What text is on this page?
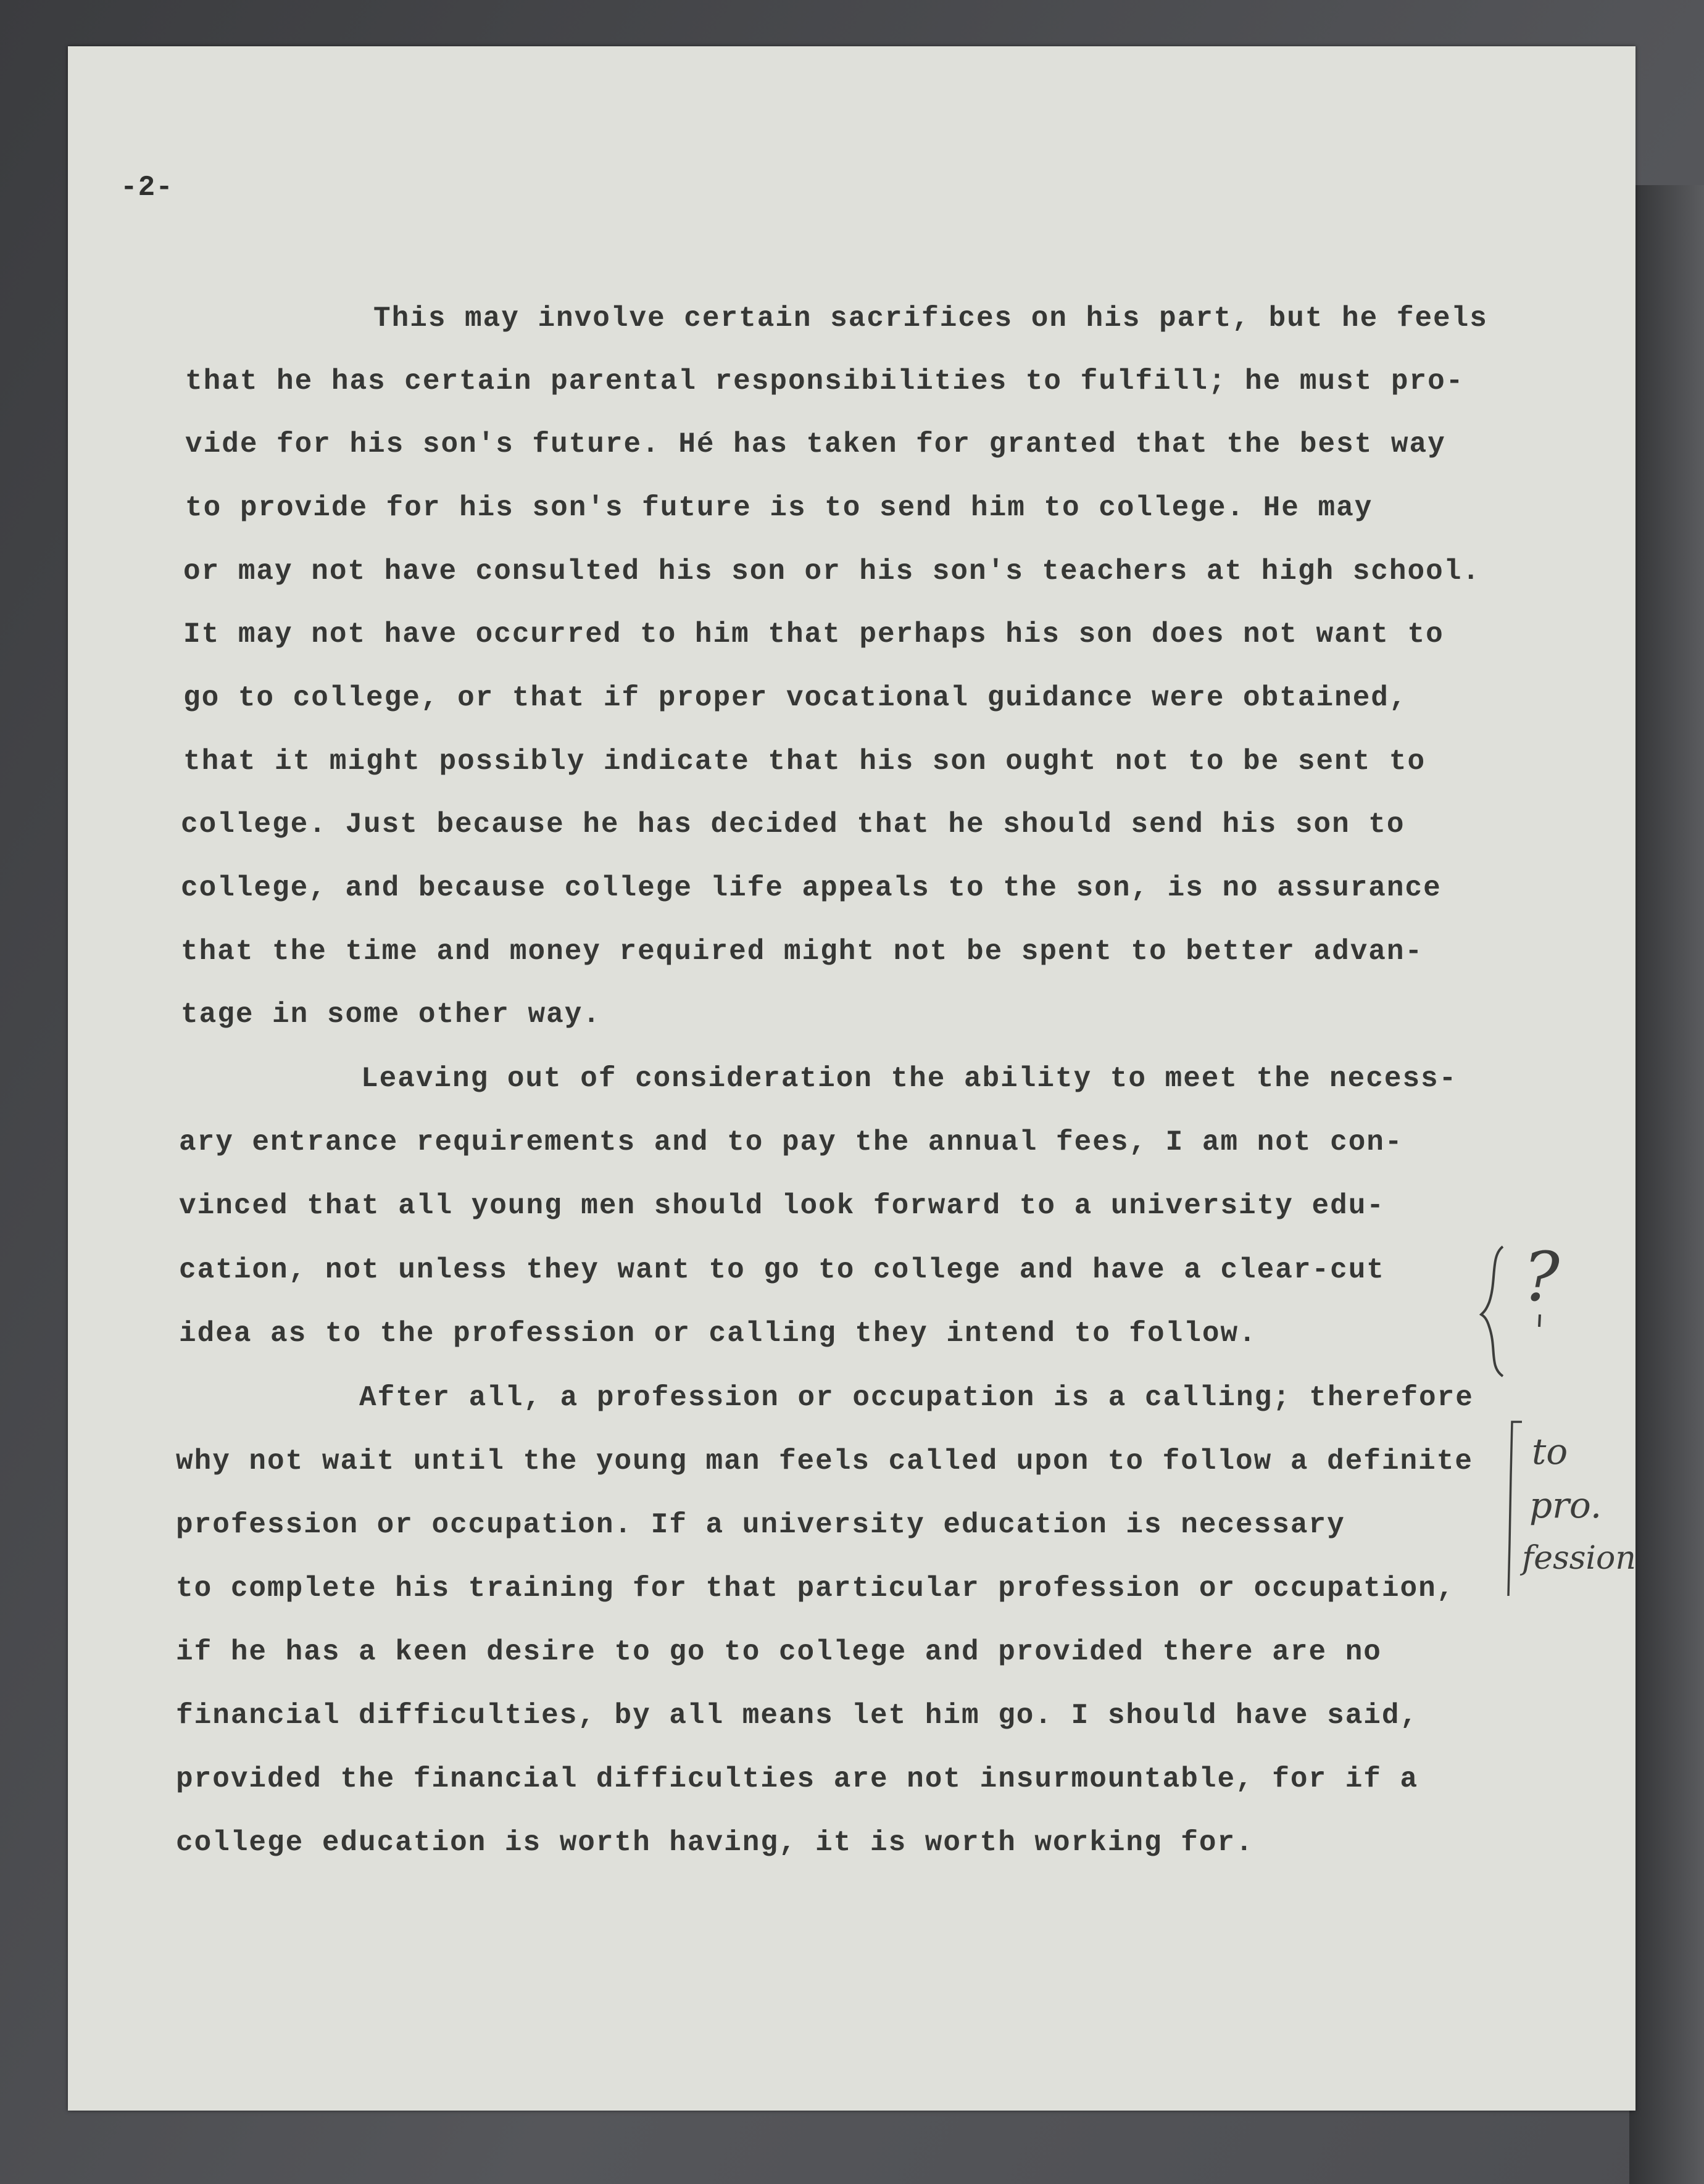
-2-
This may involve certain sacrifices on his part, but he feels
that he has certain parental responsibilities to fulfill; he must pro-
vide for his son's future. Hé has taken for granted that the best way
to provide for his son's future is to send him to college. He may
or may not have consulted his son or his son's teachers at high school.
It may not have occurred to him that perhaps his son does not want to
go to college, or that if proper vocational guidance were obtained,
that it might possibly indicate that his son ought not to be sent to
college. Just because he has decided that he should send his son to
college, and because college life appeals to the son, is no assurance
that the time and money required might not be spent to better advan-
tage in some other way.
Leaving out of consideration the ability to meet the necess-
ary entrance requirements and to pay the annual fees, I am not con-
vinced that all young men should look forward to a university edu-
cation, not unless they want to go to college and have a clear-cut
idea as to the profession or calling they intend to follow.
After all, a profession or occupation is a calling; therefore
why not wait until the young man feels called upon to follow a definite
profession or occupation. If a university education is necessary
to complete his training for that particular profession or occupation,
if he has a keen desire to go to college and provided there are no
financial difficulties, by all means let him go. I should have said,
provided the financial difficulties are not insurmountable, for if a
college education is worth having, it is worth working for.
?
to
pro.
fession
